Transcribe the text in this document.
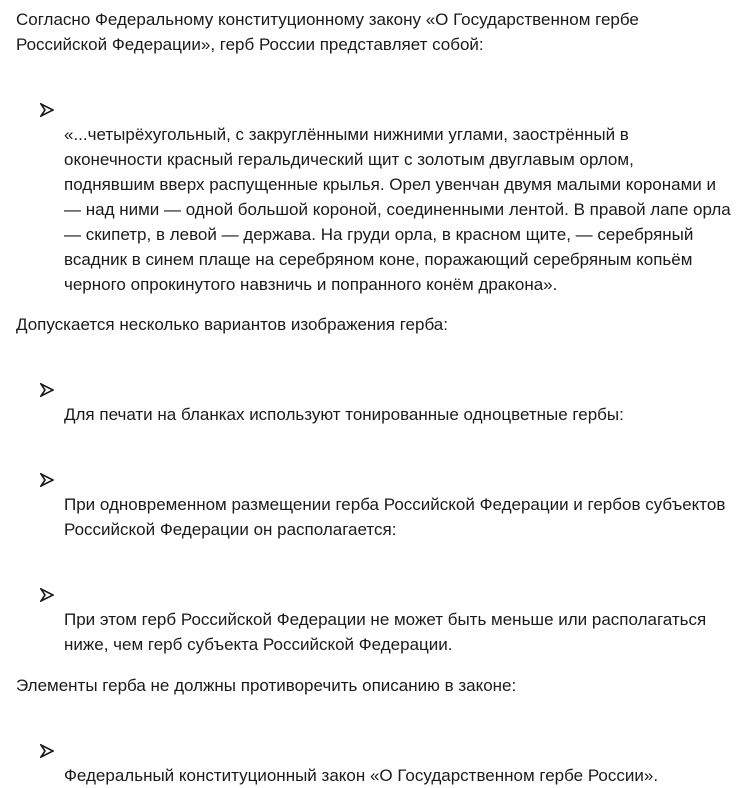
Согласно Федеральному конституционному закону «О Государственном гербе
Российской Федерации», герб России представляет собой:

«...четырёхугольный, с закруглёнными нижними углами, заострённый в
оконечности красный геральдический щит с золотым двуглавым орлом,
поднявшим вверх распущенные крылья. Орел увенчан двумя малыми коронами и
— над ними — одной большой короной, соединенными лентой. В правой лапе орла
— скипетр, в левой — держава. На груди орла, в красном щите, — серебряный
всадник в синем плаще на серебряном коне, поражающий серебряным копьём
черного опрокинутого навзничь и попранного конём дракона».

Допускается несколько вариантов изображения герба:

Для печати на бланках используют тонированные одноцветные гербы:

При одновременном размещении герба Российской Федерации и гербов субъектов
Российской Федерации он располагается:

При этом герб Российской Федерации не может быть меньше или располагаться
ниже, чем герб субъекта Российской Федерации.

Элементы герба не должны противоречить описанию в законе:

Федеральный конституционный закон «О Государственном гербе России».
